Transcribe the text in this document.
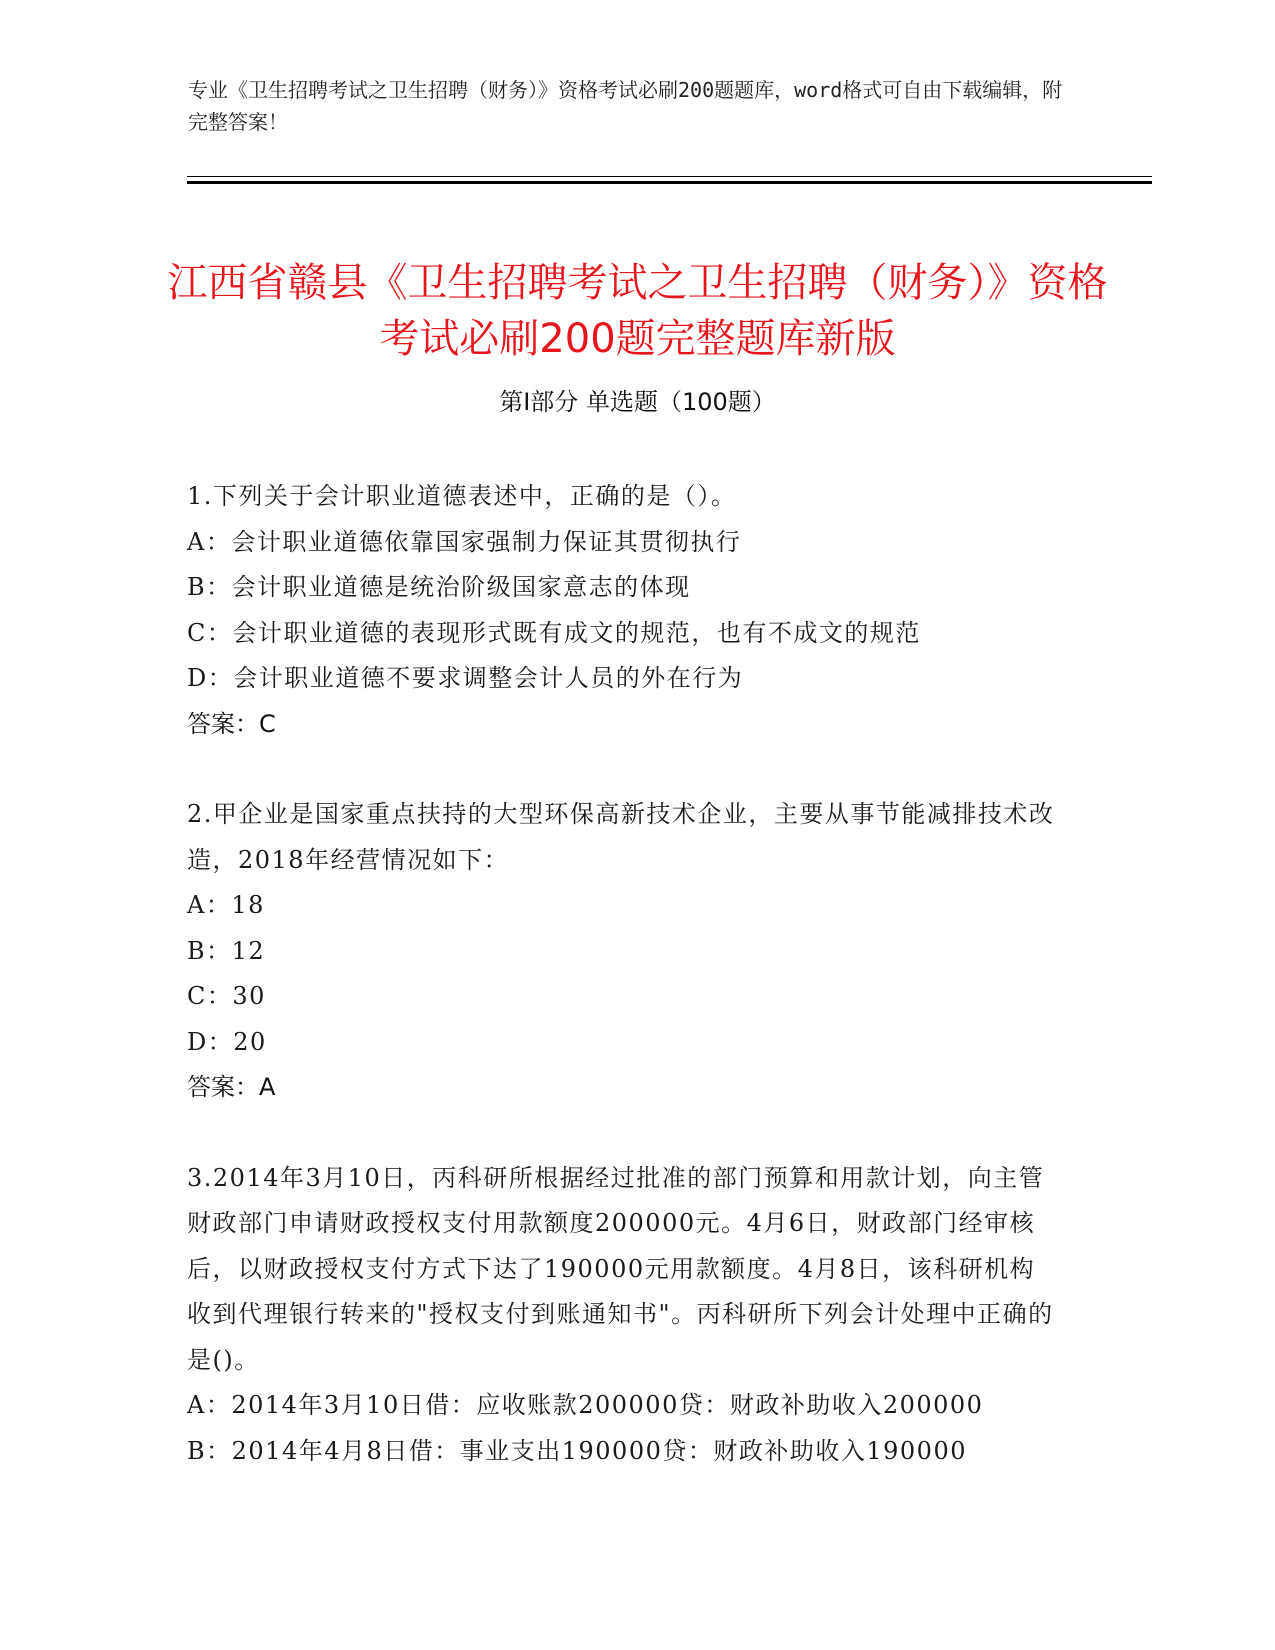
专业《卫生招聘考试之卫生招聘（财务）》资格考试必刷200题题库，word格式可自由下载编辑，附完整答案！
江西省赣县《卫生招聘考试之卫生招聘（财务）》资格考试必刷200题完整题库新版
第I部分 单选题（100题）
1.下列关于会计职业道德表述中，正确的是（）。
A：会计职业道德依靠国家强制力保证其贯彻执行
B：会计职业道德是统治阶级国家意志的体现
C：会计职业道德的表现形式既有成文的规范，也有不成文的规范
D：会计职业道德不要求调整会计人员的外在行为
答案：C
2.甲企业是国家重点扶持的大型环保高新技术企业，主要从事节能减排技术改造，2018年经营情况如下：
A：18
B：12
C：30
D：20
答案：A
3.2014年3月10日，丙科研所根据经过批准的部门预算和用款计划，向主管财政部门申请财政授权支付用款额度200000元。4月6日，财政部门经审核后，以财政授权支付方式下达了190000元用款额度。4月8日，该科研机构收到代理银行转来的"授权支付到账通知书"。丙科研所下列会计处理中正确的是()。
A：2014年3月10日借：应收账款200000贷：财政补助收入200000
B：2014年4月8日借：事业支出190000贷：财政补助收入190000
